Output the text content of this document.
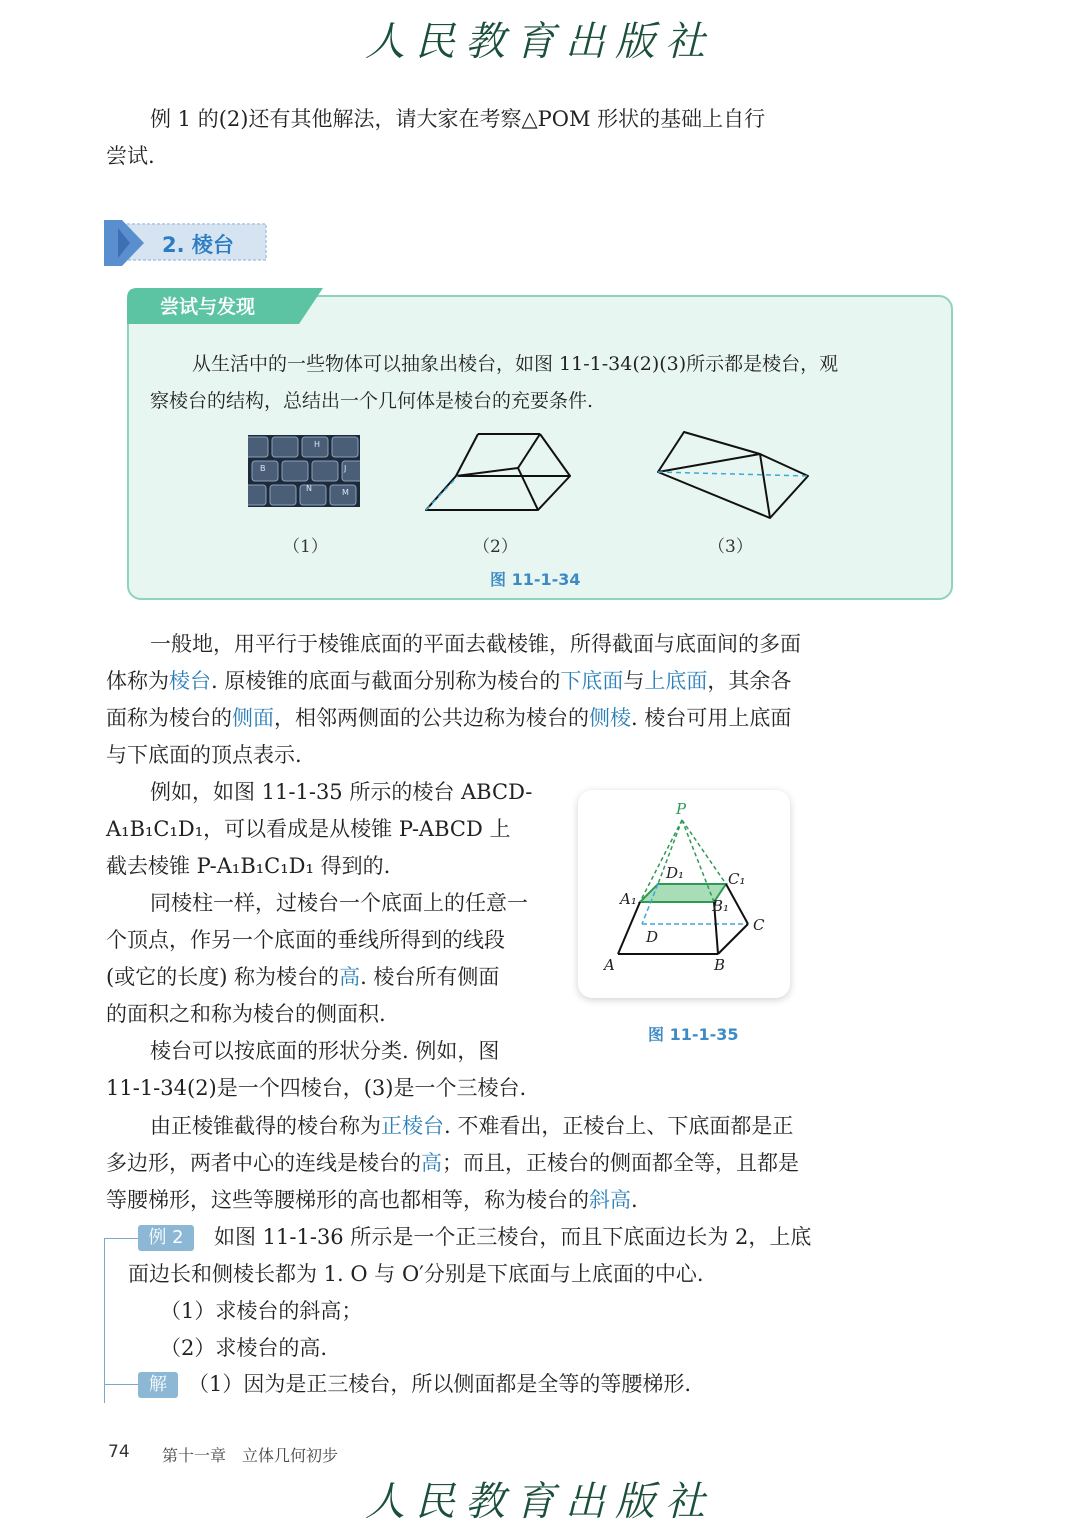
人民教育出版社
例 1 的(2)还有其他解法，请大家在考察△POM 形状的基础上自行
尝试.
2. 棱台
尝试与发现
从生活中的一些物体可以抽象出棱台，如图 11-1-34(2)(3)所示都是棱台，观
察棱台的结构，总结出一个几何体是棱台的充要条件.
H
J
B
N	M
（1）	（2）	（3）
图 11-1-34
一般地，用平行于棱锥底面的平面去截棱锥，所得截面与底面间的多面
体称为棱台. 原棱锥的底面与截面分别称为棱台的下底面与上底面，其余各
面称为棱台的侧面，相邻两侧面的公共边称为棱台的侧棱. 棱台可用上底面
与下底面的顶点表示.
例如，如图 11-1-35 所示的棱台 ABCD-
A₁B₁C₁D₁，可以看成是从棱锥 P-ABCD 上
截去棱锥 P-A₁B₁C₁D₁ 得到的.
同棱柱一样，过棱台一个底面上的任意一
个顶点，作另一个底面的垂线所得到的线段
(或它的长度) 称为棱台的高. 棱台所有侧面
的面积之和称为棱台的侧面积.
棱台可以按底面的形状分类. 例如，图
11-1-34(2)是一个四棱台，(3)是一个三棱台.
P
A	B
C
D
A₁	B₁
C₁
D₁
图 11-1-35
由正棱锥截得的棱台称为正棱台. 不难看出，正棱台上、下底面都是正
多边形，两者中心的连线是棱台的高；而且，正棱台的侧面都全等，且都是
等腰梯形，这些等腰梯形的高也都相等，称为棱台的斜高.
例 2	如图 11-1-36 所示是一个正三棱台，而且下底面边长为 2，上底
面边长和侧棱长都为 1. O 与 O′分别是下底面与上底面的中心.
（1）求棱台的斜高；
（2）求棱台的高.
解	（1）因为是正三棱台，所以侧面都是全等的等腰梯形.
74 第十一章　立体几何初步
人民教育出版社
